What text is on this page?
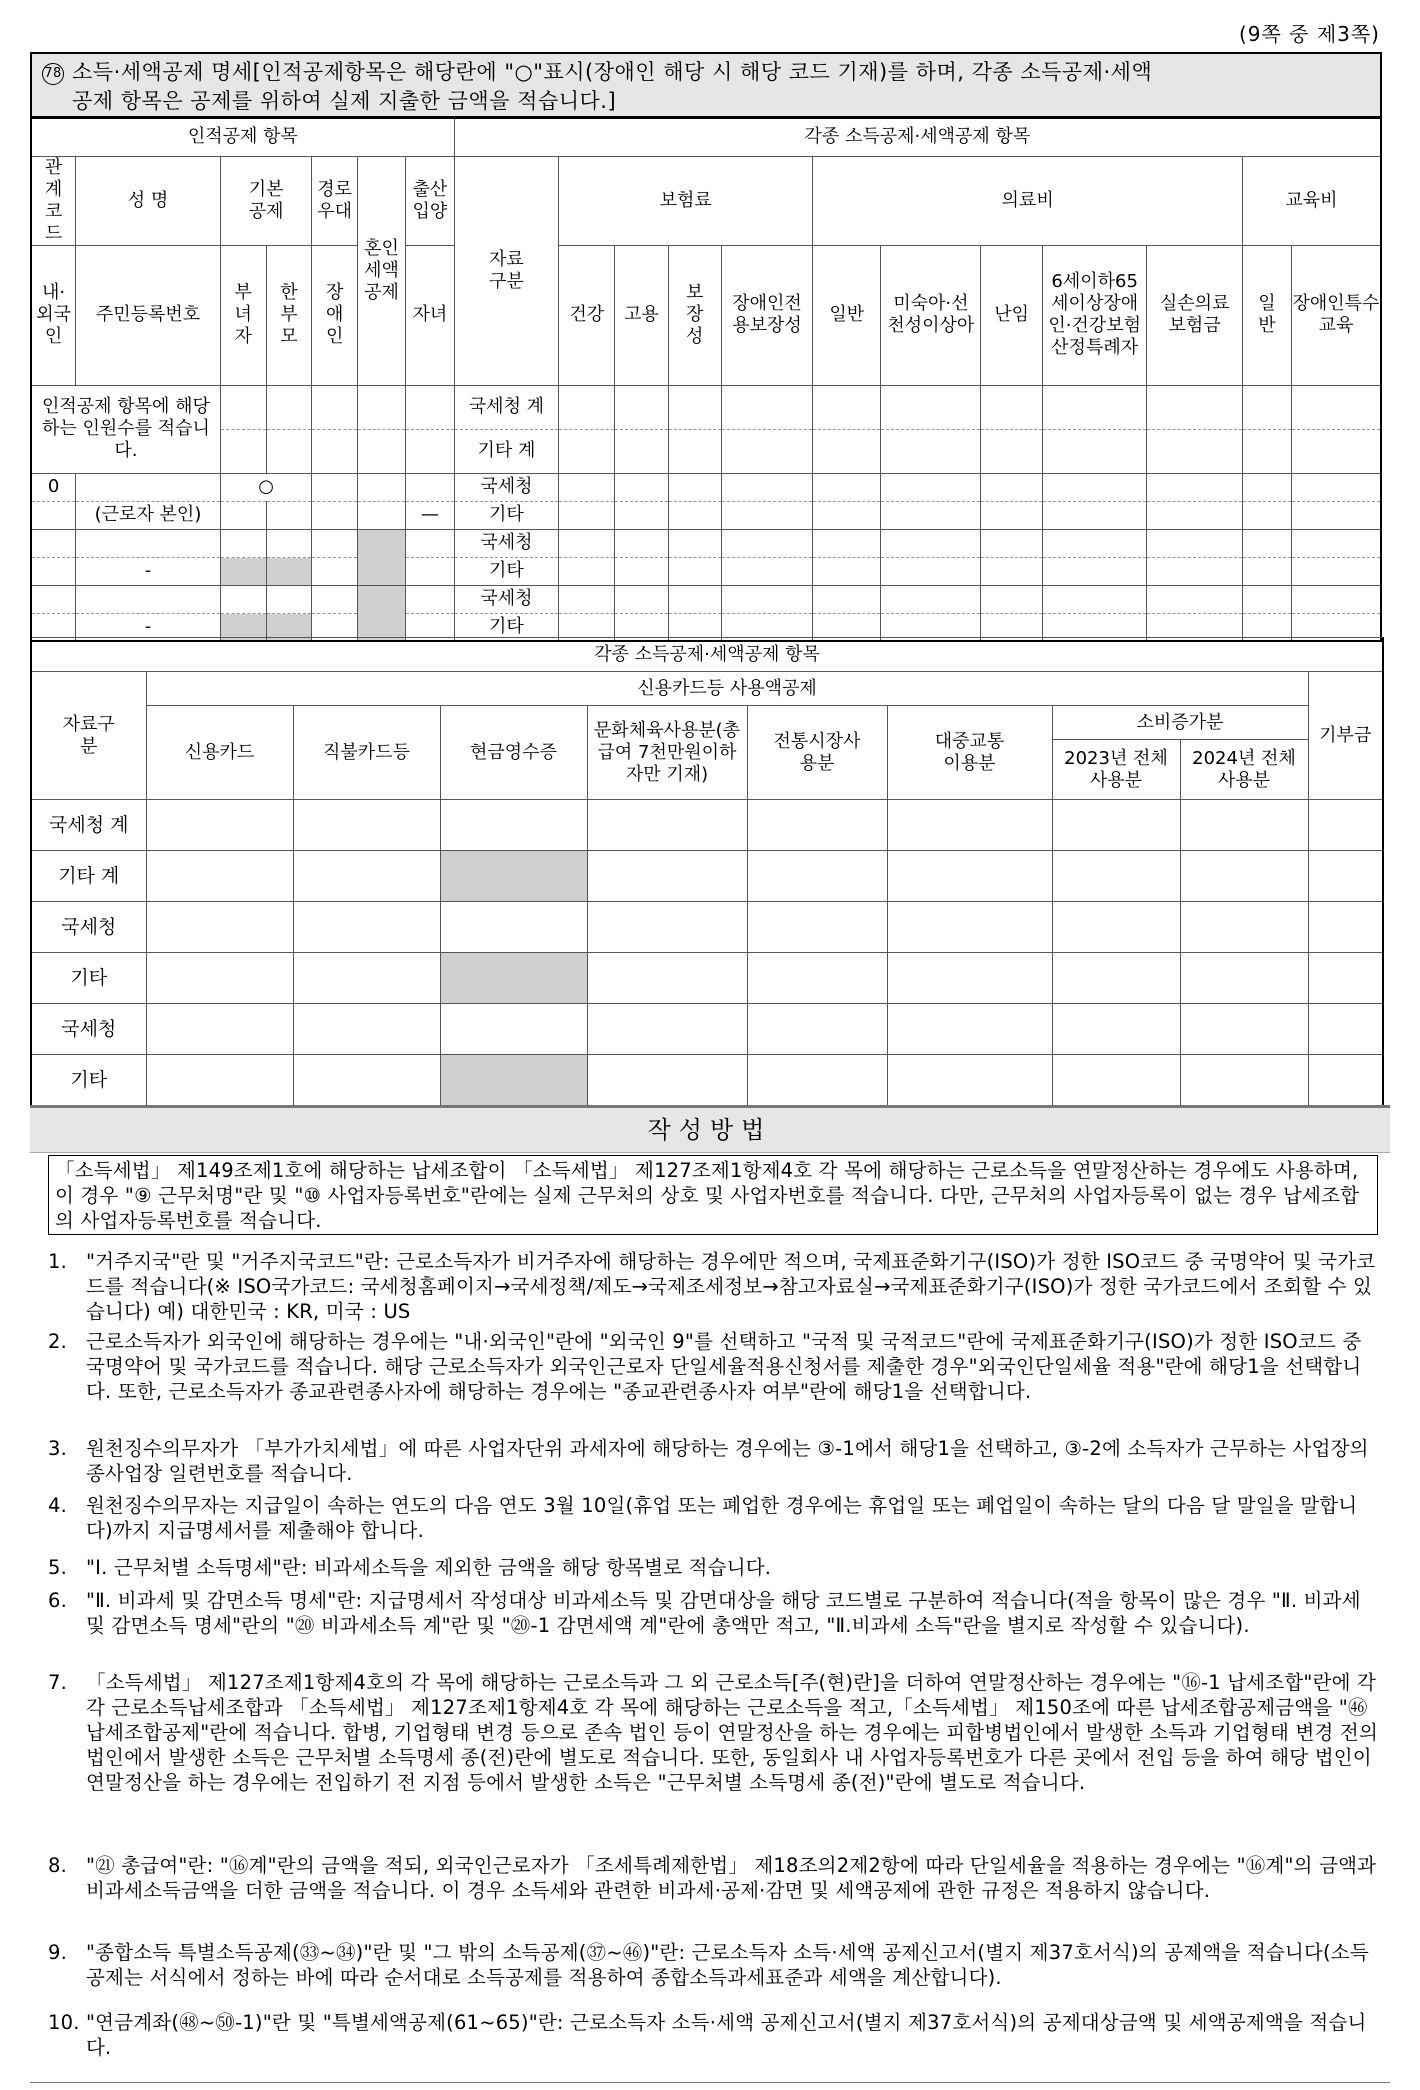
(9쪽 중 제3쪽)
78 소득·세액공제 명세[인적공제항목은 해당란에 "○"표시(장애인 해당 시 해당 코드 기재)를 하며, 각종 소득공제·세액
공제 항목은 공제를 위하여 실제 지출한 금액을 적습니다.]
인적공제 항목							각종 소득공제·세액공제 항목											
관계코드	성 명	기본공제		경로우대	혼인세액공제	출산입양	자료구분	보험료				의료비					교육비	
내·외국인	주민등록번호	부녀자	한부모	장애인		자녀		건강	고용	보장성	장애인전용보장성	일반	미숙아·선천성이상아	난임	6세이하65세이상장애인·건강보험산정특례자	실손의료보험금	일반	장애인특수교육
인적공제 항목에 해당하는 인원수를 적습니다.							국세청 계											
							기타 계											
0		○					국세청											
	(근로자 본인)					—	기타											
							국세청											
	-						기타											
							국세청											
	-						기타											
각종 소득공제·세액공제 항목									
자료구분	신용카드등 사용액공제								기부금
	신용카드	직불카드등	현금영수증	문화체육사용분(총급여 7천만원이하자만 기재)	전통시장사용분	대중교통이용분	소비증가분		
							2023년 전체 사용분	2024년 전체 사용분	
국세청 계									
기타 계									
국세청									
기타									
국세청									
기타									
작성방법
「소득세법」 제149조제1호에 해당하는 납세조합이 「소득세법」 제127조제1항제4호 각 목에 해당하는 근로소득을 연말정산하는 경우에도 사용하며, 이 경우 "⑨ 근무처명"란 및 "⑩ 사업자등록번호"란에는 실제 근무처의 상호 및 사업자번호를 적습니다. 다만, 근무처의 사업자등록이 없는 경우 납세조합의 사업자등록번호를 적습니다.
1. "거주지국"란 및 "거주지국코드"란: 근로소득자가 비거주자에 해당하는 경우에만 적으며, 국제표준화기구(ISO)가 정한 ISO코드 중 국명약어 및 국가코드를 적습니다(※ ISO국가코드: 국세청홈페이지→국세정책/제도→국제조세정보→참고자료실→국제표준화기구(ISO)가 정한 국가코드에서 조회할 수 있습니다) 예) 대한민국 : KR, 미국 : US
2. 근로소득자가 외국인에 해당하는 경우에는 "내·외국인"란에 "외국인 9"를 선택하고 "국적 및 국적코드"란에 국제표준화기구(ISO)가 정한 ISO코드 중 국명약어 및 국가코드를 적습니다. 해당 근로소득자가 외국인근로자 단일세율적용신청서를 제출한 경우"외국인단일세율 적용"란에 해당1을 선택합니다. 또한, 근로소득자가 종교관련종사자에 해당하는 경우에는 "종교관련종사자 여부"란에 해당1을 선택합니다.
3. 원천징수의무자가 「부가가치세법」에 따른 사업자단위 과세자에 해당하는 경우에는 ③-1에서 해당1을 선택하고, ③-2에 소득자가 근무하는 사업장의 종사업장 일련번호를 적습니다.
4. 원천징수의무자는 지급일이 속하는 연도의 다음 연도 3월 10일(휴업 또는 폐업한 경우에는 휴업일 또는 폐업일이 속하는 달의 다음 달 말일을 말합니다)까지 지급명세서를 제출해야 합니다.
5. "Ⅰ. 근무처별 소득명세"란: 비과세소득을 제외한 금액을 해당 항목별로 적습니다.
6. "Ⅱ. 비과세 및 감면소득 명세"란: 지급명세서 작성대상 비과세소득 및 감면대상을 해당 코드별로 구분하여 적습니다(적을 항목이 많은 경우 "Ⅱ. 비과세 및 감면소득 명세"란의 "⑳ 비과세소득 계"란 및 "⑳-1 감면세액 계"란에 총액만 적고, "Ⅱ.비과세 소득"란을 별지로 작성할 수 있습니다).
7. 「소득세법」 제127조제1항제4호의 각 목에 해당하는 근로소득과 그 외 근로소득[주(현)란]을 더하여 연말정산하는 경우에는 "⑯-1 납세조합"란에 각각 근로소득납세조합과 「소득세법」 제127조제1항제4호 각 목에 해당하는 근로소득을 적고,「소득세법」 제150조에 따른 납세조합공제금액을 "㊻ 납세조합공제"란에 적습니다. 합병, 기업형태 변경 등으로 존속 법인 등이 연말정산을 하는 경우에는 피합병법인에서 발생한 소득과 기업형태 변경 전의 법인에서 발생한 소득은 근무처별 소득명세 종(전)란에 별도로 적습니다. 또한, 동일회사 내 사업자등록번호가 다른 곳에서 전입 등을 하여 해당 법인이 연말정산을 하는 경우에는 전입하기 전 지점 등에서 발생한 소득은 "근무처별 소득명세 종(전)"란에 별도로 적습니다.
8. "㉑ 총급여"란: "⑯계"란의 금액을 적되, 외국인근로자가 「조세특례제한법」 제18조의2제2항에 따라 단일세율을 적용하는 경우에는 "⑯계"의 금액과 비과세소득금액을 더한 금액을 적습니다. 이 경우 소득세와 관련한 비과세·공제·감면 및 세액공제에 관한 규정은 적용하지 않습니다.
9. "종합소득 특별소득공제(㉝~㉞)"란 및 "그 밖의 소득공제(㊲~㊻)"란: 근로소득자 소득·세액 공제신고서(별지 제37호서식)의 공제액을 적습니다(소득공제는 서식에서 정하는 바에 따라 순서대로 소득공제를 적용하여 종합소득과세표준과 세액을 계산합니다).
10. "연금계좌(㊽~㊿-1)"란 및 "특별세액공제(61~65)"란: 근로소득자 소득·세액 공제신고서(별지 제37호서식)의 공제대상금액 및 세액공제액을 적습니다.
